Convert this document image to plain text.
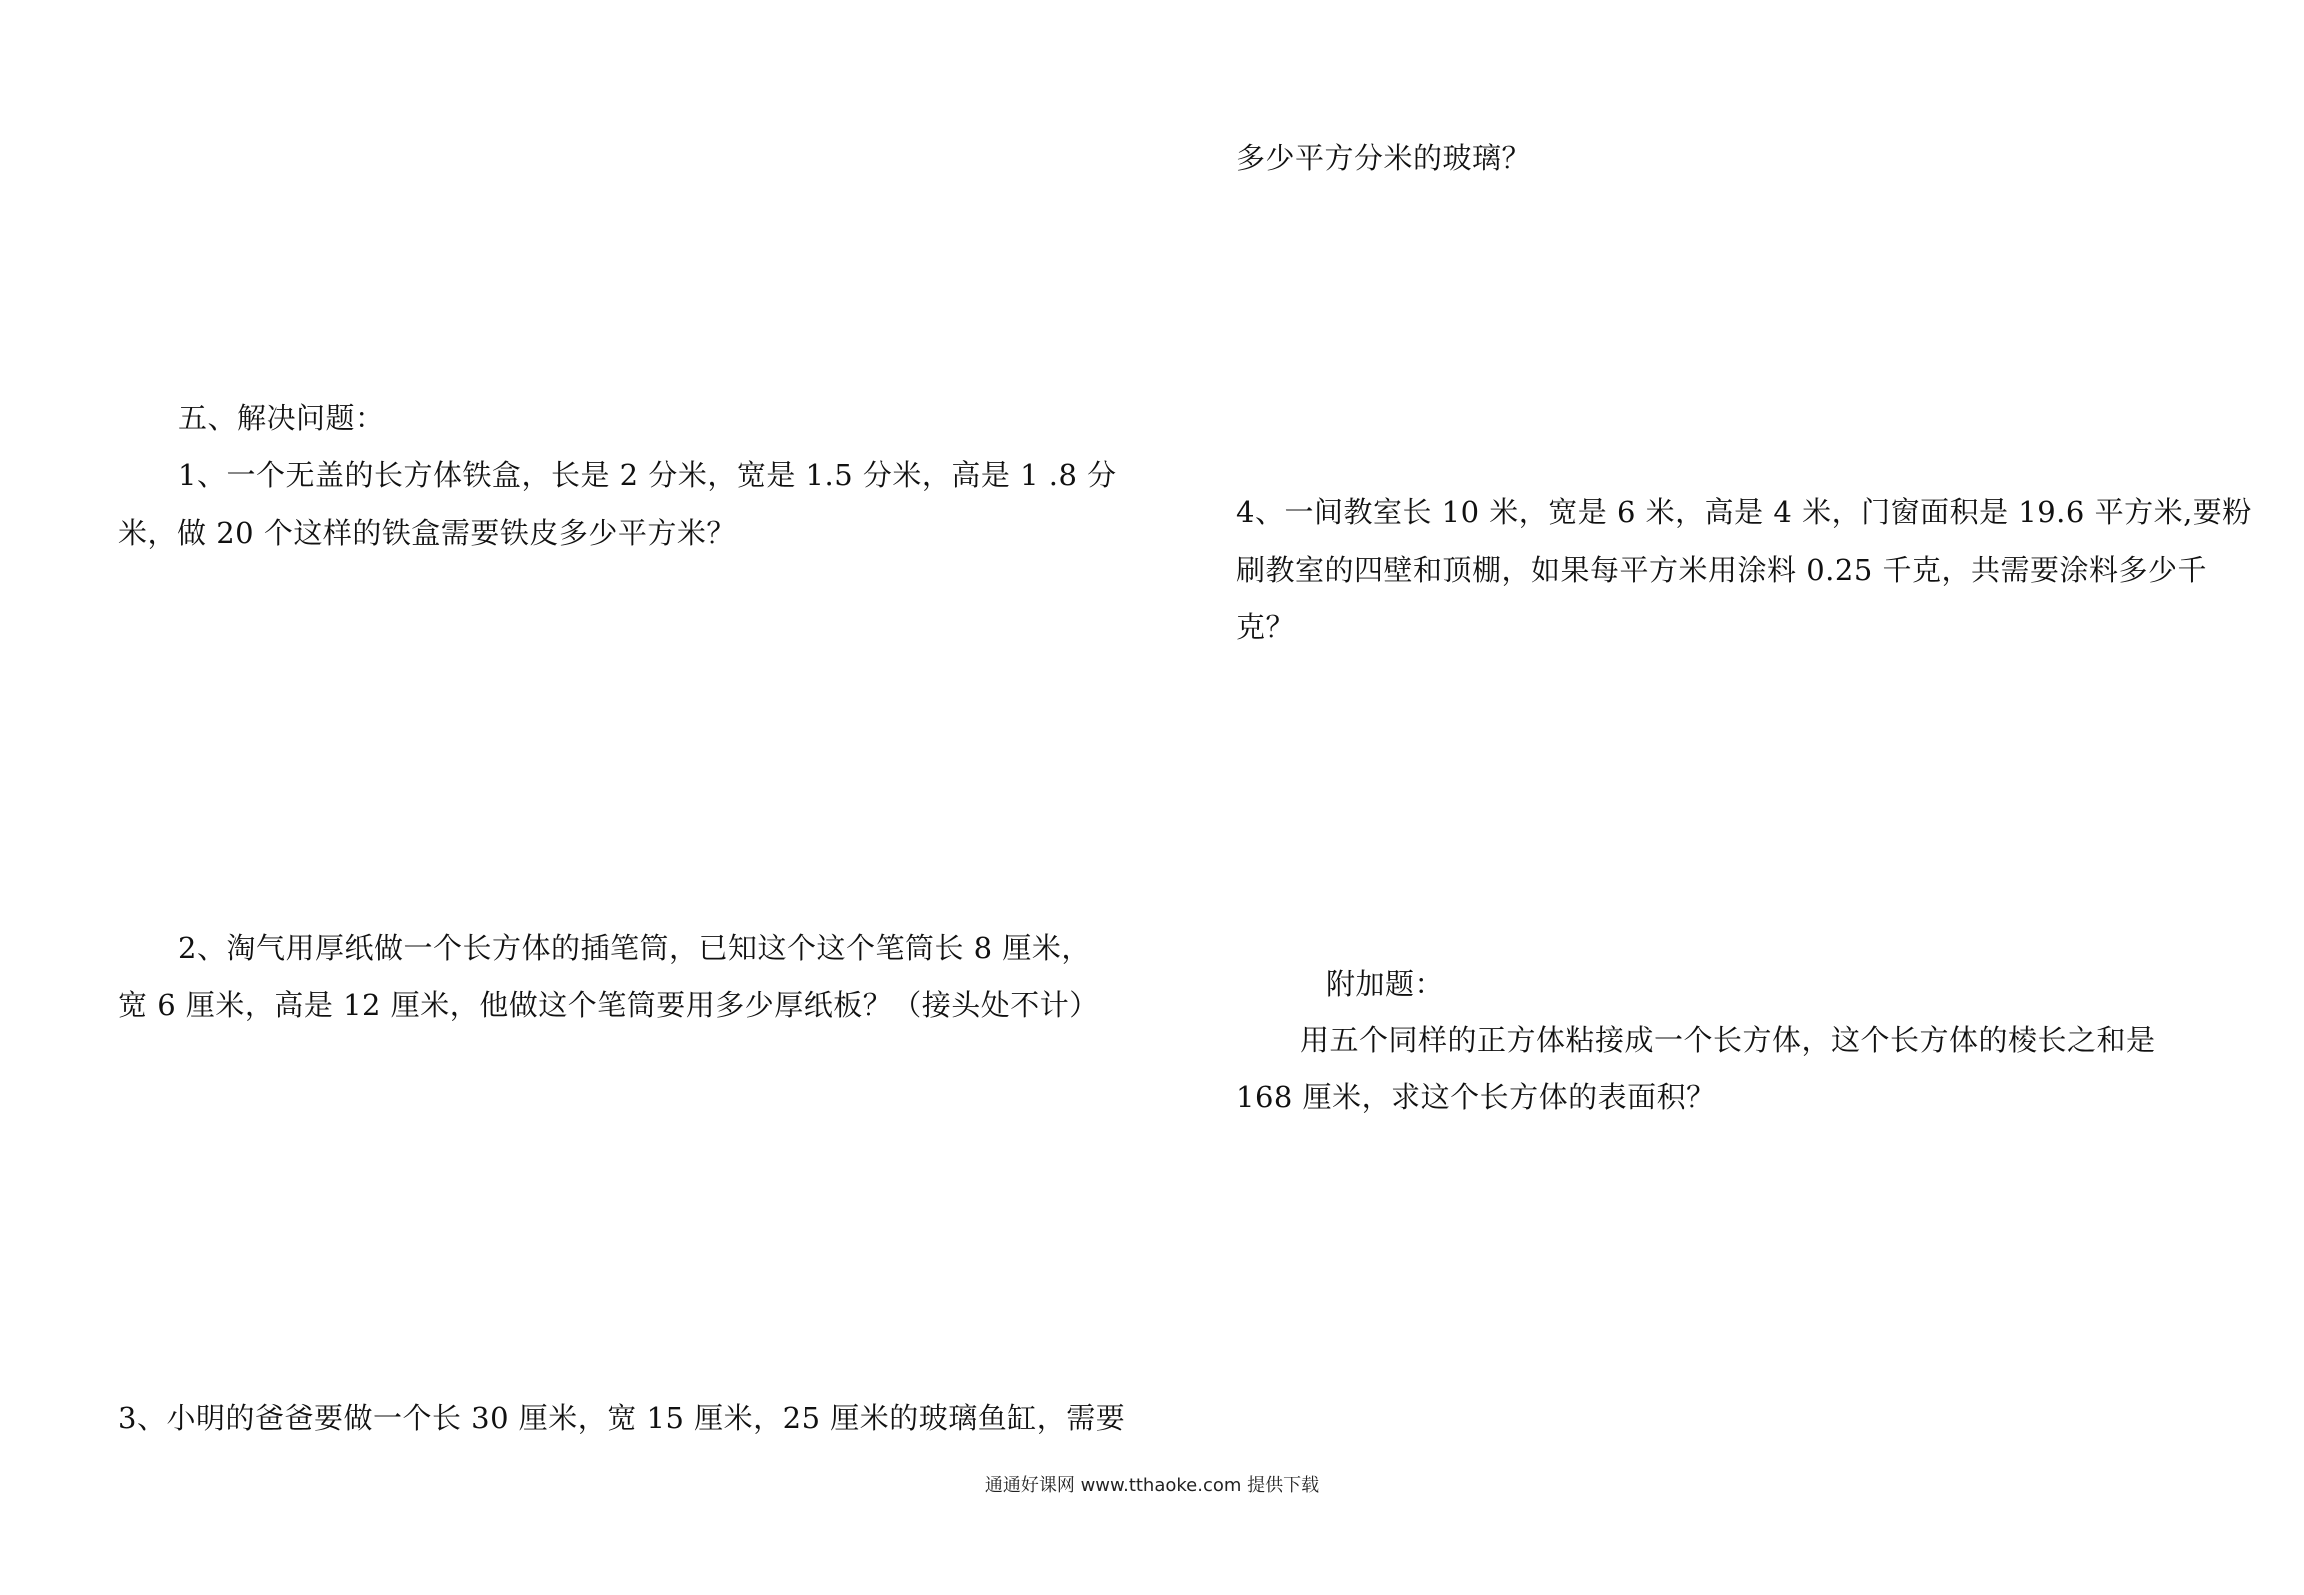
五、解决问题：
1、一个无盖的长方体铁盒，长是 2 分米，宽是 1.5 分米，高是 1 .8 分
米，做 20 个这样的铁盒需要铁皮多少平方米？
2、淘气用厚纸做一个长方体的插笔筒，已知这个这个笔筒长 8 厘米，
宽 6 厘米，高是 12 厘米，他做这个笔筒要用多少厚纸板？（接头处不计）
3、小明的爸爸要做一个长 30 厘米，宽 15 厘米，25 厘米的玻璃鱼缸，需要
多少平方分米的玻璃？
4、一间教室长 10 米，宽是 6 米，高是 4 米，门窗面积是 19.6 平方米,要粉
刷教室的四壁和顶棚，如果每平方米用涂料 0.25 千克，共需要涂料多少千
克？
附加题：
用五个同样的正方体粘接成一个长方体，这个长方体的棱长之和是
168 厘米，求这个长方体的表面积？
通通好课网 www.tthaoke.com 提供下载
